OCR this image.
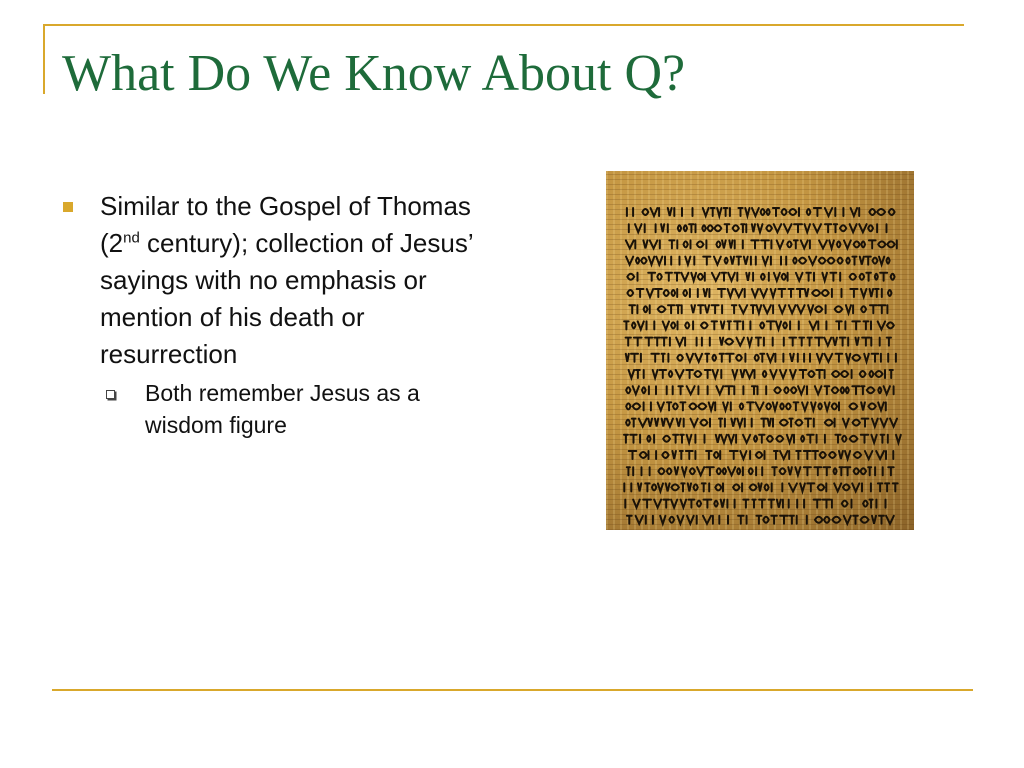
What Do We Know About Q?
Similar to the Gospel of Thomas (2nd century); collection of Jesus’ sayings with no emphasis or mention of his death or resurrection
Both remember Jesus as a wisdom figure
